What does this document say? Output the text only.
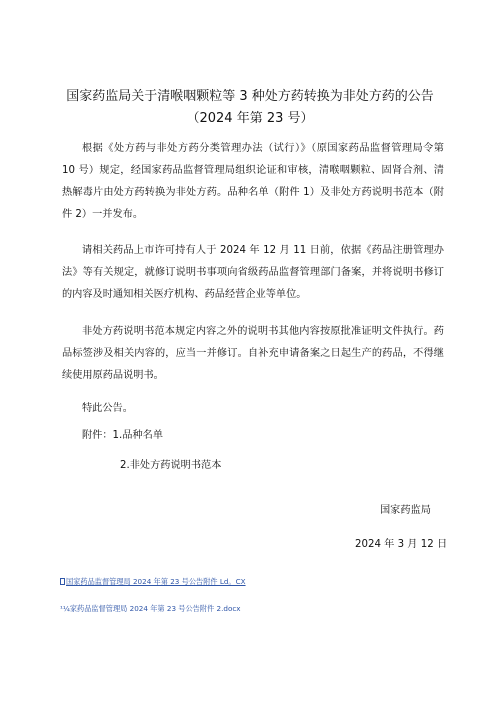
国家药监局关于清喉咽颗粒等 3 种处方药转换为非处方药的公告（2024 年第 23 号）

根据《处方药与非处方药分类管理办法（试行）》（原国家药品监督管理局令第 10 号）规定，经国家药品监督管理局组织论证和审核，清喉咽颗粒、固肾合剂、清热解毒片由处方药转换为非处方药。品种名单（附件 1）及非处方药说明书范本（附件 2）一并发布。

请相关药品上市许可持有人于 2024 年 12 月 11 日前，依据《药品注册管理办法》等有关规定，就修订说明书事项向省级药品监督管理部门备案，并将说明书修订的内容及时通知相关医疗机构、药品经营企业等单位。

非处方药说明书范本规定内容之外的说明书其他内容按原批准证明文件执行。药品标签涉及相关内容的，应当一并修订。自补充申请备案之日起生产的药品，不得继续使用原药品说明书。

特此公告。
附件：1.品种名单
2.非处方药说明书范本
国家药监局
2024 年 3 月 12 日
国家药品监督管理局 2024 年第 23 号公告附件 Ld。CX
¹¼家药品监督管理局 2024 年第 23 号公告附件 2.docx
